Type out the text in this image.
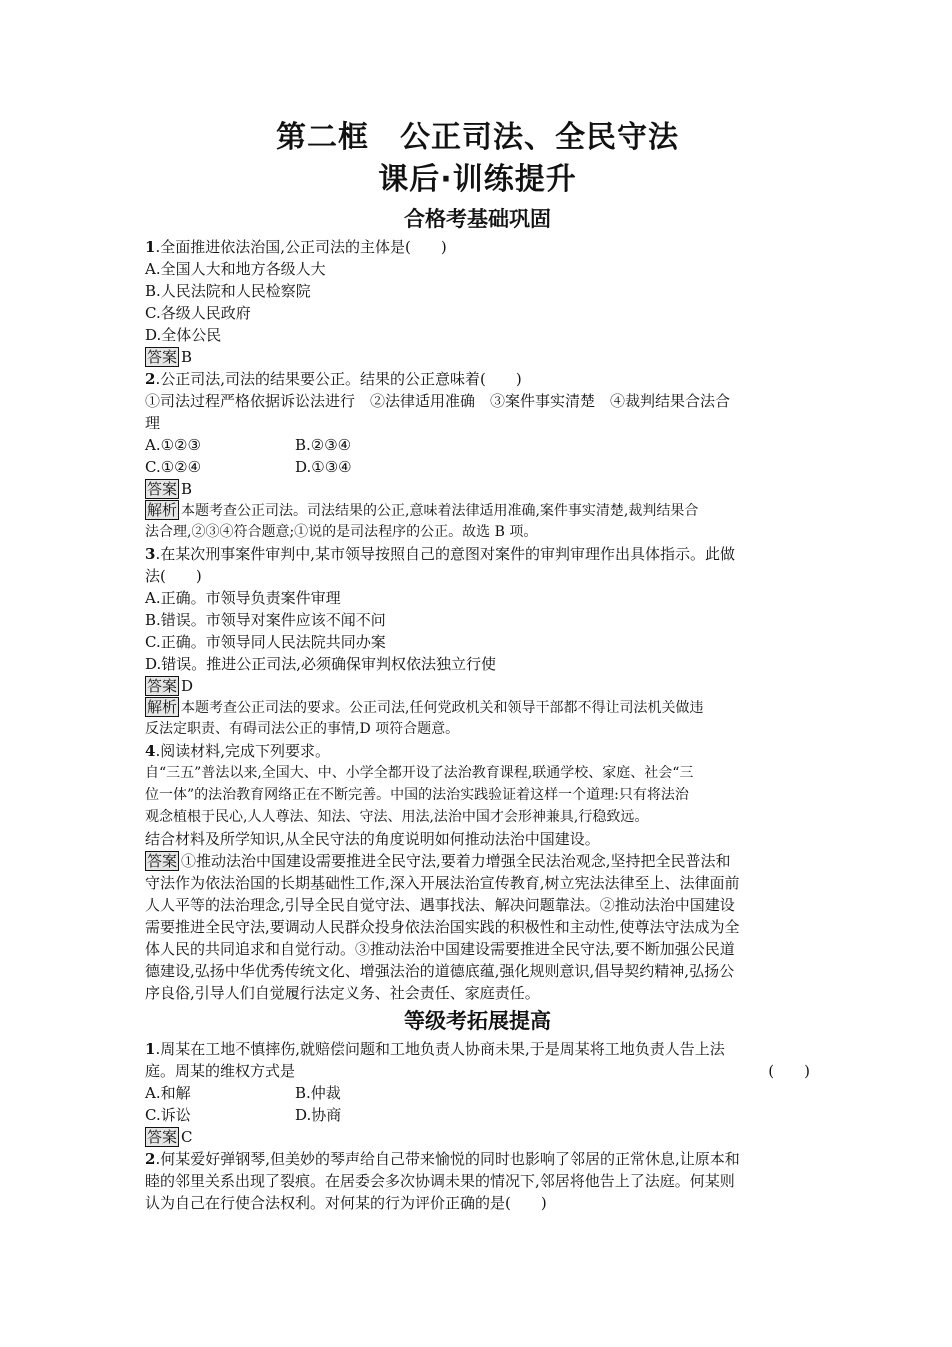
第二框　公正司法、全民守法
课后·训练提升
合格考基础巩固

1.全面推进依法治国,公正司法的主体是(　　)

A.全国人大和地方各级人大

B.人民法院和人民检察院

C.各级人民政府

D.全体公民

答案 B

2.公正司法,司法的结果要公正。结果的公正意味着(　　)

①司法过程严格依据诉讼法进行　②法律适用准确　③案件事实清楚　④裁判结果合法合

理

A.①②③	B.②③④
C.①②④	D.①③④

答案 B

解析 本题考查公正司法。司法结果的公正,意味着法律适用准确,案件事实清楚,裁判结果合

法合理,②③④符合题意;①说的是司法程序的公正。故选 B 项。

3.在某次刑事案件审判中,某市领导按照自己的意图对案件的审判审理作出具体指示。此做

法(　　)

A.正确。市领导负责案件审理

B.错误。市领导对案件应该不闻不问

C.正确。市领导同人民法院共同办案

D.错误。推进公正司法,必须确保审判权依法独立行使

答案 D

解析 本题考查公正司法的要求。公正司法,任何党政机关和领导干部都不得让司法机关做违

反法定职责、有碍司法公正的事情,D 项符合题意。

4.阅读材料,完成下列要求。

自“三五”普法以来,全国大、中、小学全都开设了法治教育课程,联通学校、家庭、社会“三

位一体”的法治教育网络正在不断完善。中国的法治实践验证着这样一个道理:只有将法治

观念植根于民心,人人尊法、知法、守法、用法,法治中国才会形神兼具,行稳致远。

结合材料及所学知识,从全民守法的角度说明如何推动法治中国建设。

答案 ①推动法治中国建设需要推进全民守法,要着力增强全民法治观念,坚持把全民普法和

守法作为依法治国的长期基础性工作,深入开展法治宣传教育,树立宪法法律至上、法律面前

人人平等的法治理念,引导全民自觉守法、遇事找法、解决问题靠法。②推动法治中国建设

需要推进全民守法,要调动人民群众投身依法治国实践的积极性和主动性,使尊法守法成为全

体人民的共同追求和自觉行动。③推动法治中国建设需要推进全民守法,要不断加强公民道

德建设,弘扬中华优秀传统文化、增强法治的道德底蕴,强化规则意识,倡导契约精神,弘扬公

序良俗,引导人们自觉履行法定义务、社会责任、家庭责任。

等级考拓展提高

1.周某在工地不慎摔伤,就赔偿问题和工地负责人协商未果,于是周某将工地负责人告上法

庭。周某的维权方式是	(　　)

A.和解	B.仲裁
C.诉讼	D.协商

答案 C

2.何某爱好弹钢琴,但美妙的琴声给自己带来愉悦的同时也影响了邻居的正常休息,让原本和

睦的邻里关系出现了裂痕。在居委会多次协调未果的情况下,邻居将他告上了法庭。何某则

认为自己在行使合法权利。对何某的行为评价正确的是(　　)
